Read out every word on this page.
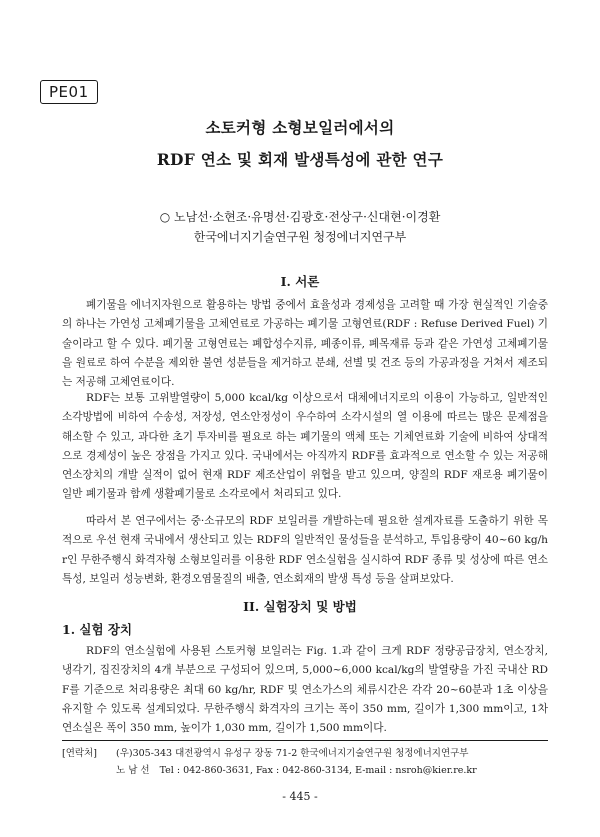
PE01
소토커형 소형보일러에서의
RDF 연소 및 회재 발생특성에 관한 연구
○ 노남선·소현조·유명선·김광호·전상구·신대현·이경환
한국에너지기술연구원 청정에너지연구부
I. 서론
폐기물을 에너지자원으로 활용하는 방법 중에서 효율성과 경제성을 고려할 때 가장 현실적인 기술중의 하나는 가연성 고체폐기물을 고체연료로 가공하는 폐기물 고형연료(RDF : Refuse Derived Fuel) 기술이라고 할 수 있다. 폐기물 고형연료는 폐합성수지류, 폐종이류, 폐목재류 등과 같은 가연성 고체폐기물을 원료로 하여 수분을 제외한 불연 성분들을 제거하고 분쇄, 선별 및 건조 등의 가공과정을 거쳐서 제조되는 저공해 고체연료이다.
RDF는 보통 고위발열량이 5,000 kcal/kg 이상으로서 대체에너지로의 이용이 가능하고, 일반적인 소각방법에 비하여 수송성, 저장성, 연소안정성이 우수하여 소각시설의 열 이용에 따르는 많은 문제점을 해소할 수 있고, 과다한 초기 투자비를 필요로 하는 폐기물의 액체 또는 기체연료화 기술에 비하여 상대적으로 경제성이 높은 장점을 가지고 있다. 국내에서는 아직까지 RDF를 효과적으로 연소할 수 있는 저공해 연소장치의 개발 실적이 없어 현재 RDF 제조산업이 위협을 받고 있으며, 양질의 RDF 재로용 폐기물이 일반 폐기물과 함께 생활폐기물로 소각로에서 처리되고 있다.
따라서 본 연구에서는 중·소규모의 RDF 보일러를 개발하는데 필요한 설계자료를 도출하기 위한 목적으로 우선 현재 국내에서 생산되고 있는 RDF의 일반적인 물성들을 분석하고, 투입용량이 40~60 kg/hr인 무한주행식 화격자형 소형보일러를 이용한 RDF 연소실험을 실시하여 RDF 종류 및 성상에 따른 연소특성, 보일러 성능변화, 환경오염물질의 배출, 연소회재의 발생 특성 등을 살펴보았다.
II. 실험장치 및 방법
1. 실험 장치
RDF의 연소실험에 사용된 스토커형 보일러는 Fig. 1.과 같이 크게 RDF 정량공급장치, 연소장치, 냉각기, 집진장치의 4개 부분으로 구성되어 있으며, 5,000~6,000 kcal/kg의 발열량을 가진 국내산 RDF를 기준으로 처리용량은 최대 60 kg/hr, RDF 및 연소가스의 체류시간은 각각 20~60분과 1초 이상을 유지할 수 있도록 설계되었다. 무한주행식 화격자의 크기는 폭이 350 mm, 길이가 1,300 mm이고, 1차 연소실은 폭이 350 mm, 높이가 1,030 mm, 길이가 1,500 mm이다.
[연락처] (우)305-343 대전광역시 유성구 장동 71-2 한국에너지기술연구원 청정에너지연구부
노 남 선 Tel : 042-860-3631, Fax : 042-860-3134, E-mail : nsroh@kier.re.kr
- 445 -
